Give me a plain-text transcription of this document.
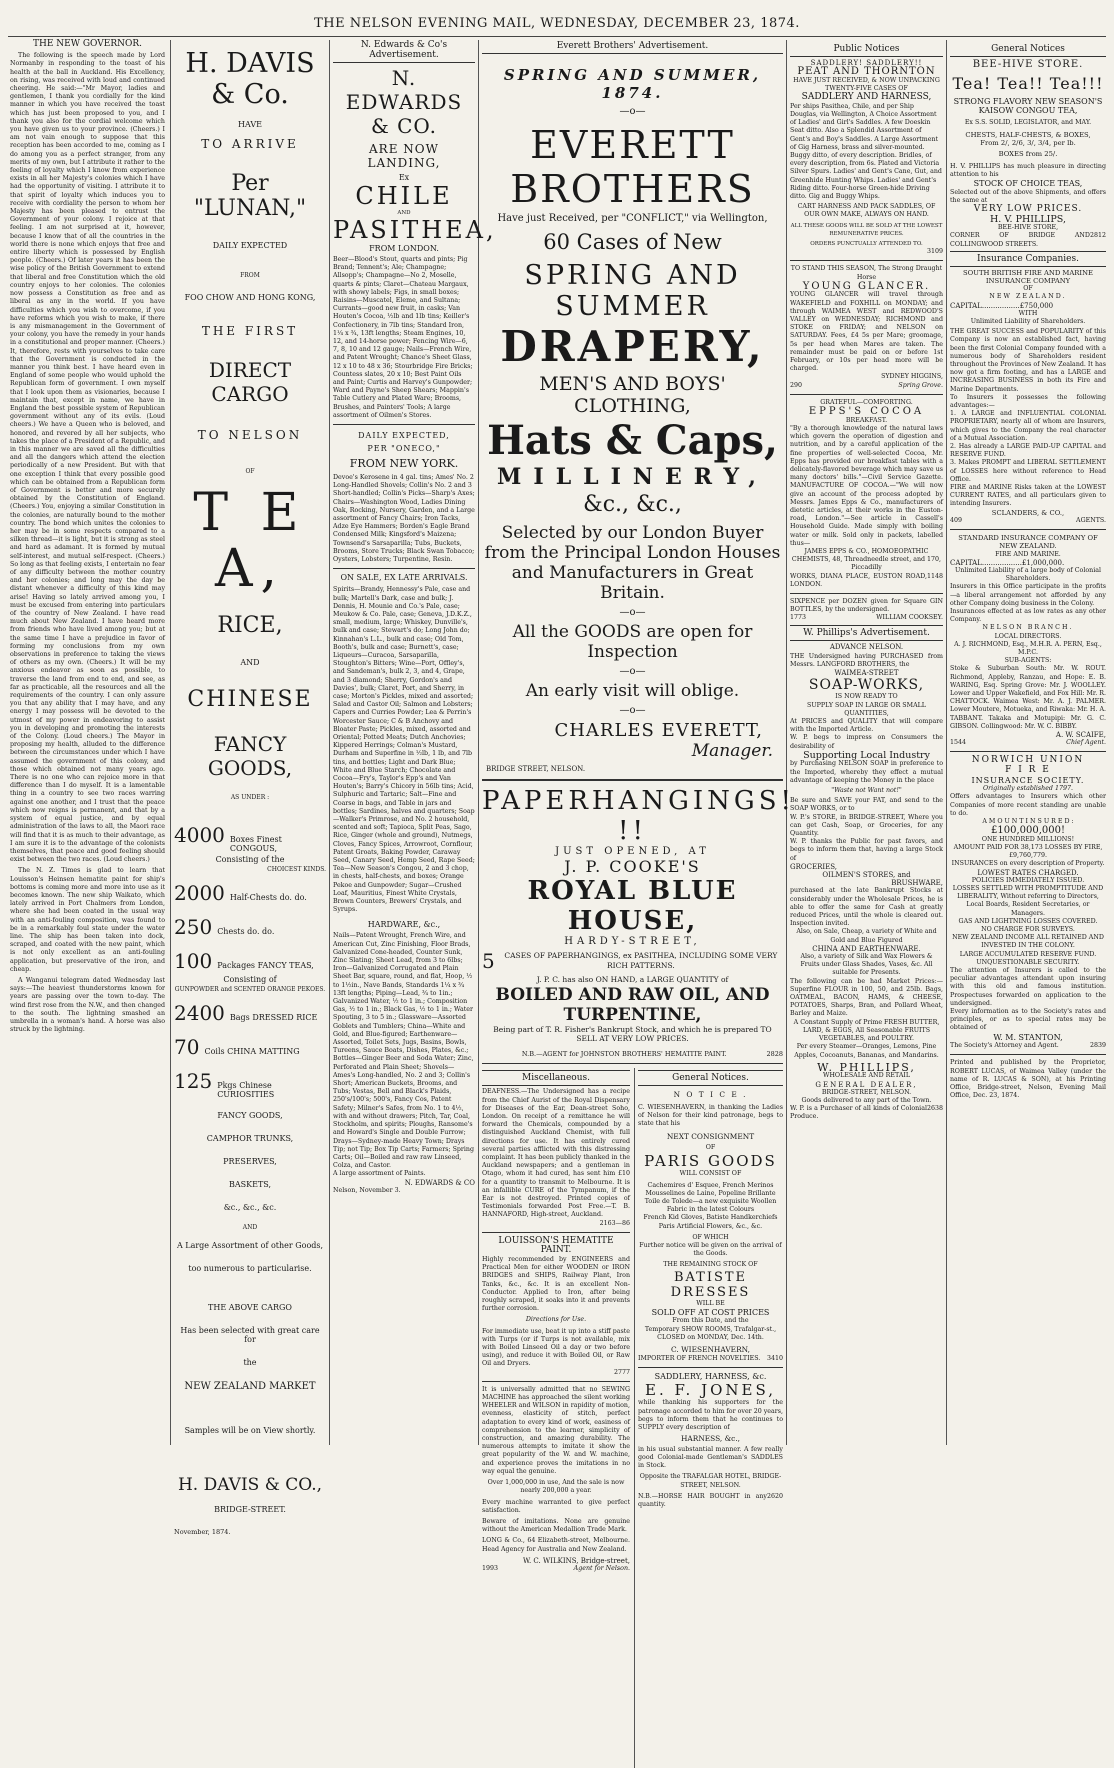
THE NELSON EVENING MAIL, WEDNESDAY, DECEMBER 23, 1874.
THE NEW GOVERNOR.

The following is the speech made by Lord Normanby in responding to the toast of his health at the ball in Auckland. His Excellency, on rising, was received with loud and continued cheering. He said:—"Mr Mayor, ladies and gentlemen, I thank you cordially for the kind manner in which you have received the toast which has just been proposed to you, and I thank you also for the cordial welcome which you have given us to your province. (Cheers.) I am not vain enough to suppose that this reception has been accorded to me, coming as I do among you as a perfect stranger, from any merits of my own, but I attribute it rather to the feeling of loyalty which I know from experience exists in all her Majesty's colonies which I have had the opportunity of visiting. I attribute it to that spirit of loyalty which induces you to receive with cordiality the person to whom her Majesty has been pleased to entrust the Government of your colony. I rejoice at that feeling. I am not surprised at it, however, because I know that of all the countries in the world there is none which enjoys that free and entire liberty which is possessed by English people. (Cheers.) Of later years it has been the wise policy of the British Government to extend that liberal and free Constitution which the old country enjoys to her colonies. The colonies now possess a Constitution as free and as liberal as any in the world. If you have difficulties which you wish to overcome, if you have reforms which you wish to make, if there is any mismanagement in the Government of your colony, you have the remedy in your hands in a constitutional and proper manner. (Cheers.) It, therefore, rests with yourselves to take care that the Government is conducted in the manner you think best. I have heard even in England of some people who would uphold the Republican form of government. I own myself that I look upon them as visionaries, because I maintain that, except in name, we have in England the best possible system of Republican government without any of its evils. (Loud cheers.) We have a Queen who is beloved, and honored, and revered by all her subjects, who takes the place of a President of a Republic, and in this manner we are saved all the difficulties and all the dangers which attend the election periodically of a new President. But with that one exception I think that every possible good which can be obtained from a Republican form of Government is better and more securely obtained by the Constitution of England. (Cheers.) You, enjoying a similar Constitution in the colonies, are naturally bound to the mother country. The bond which unites the colonies to her may be in some respects compared to a silken thread—it is light, but it is strong as steel and hard as adamant. It is formed by mutual self-interest, and mutual self-respect. (Cheers.) So long as that feeling exists, I entertain no fear of any difficulty between the mother country and her colonies; and long may the day be distant whenever a difficulty of this kind may arise! Having so lately arrived among you, I must be excused from entering into particulars of the country of New Zealand. I have read much about New Zealand. I have heard more from friends who have lived among you; but at the same time I have a prejudice in favor of forming my conclusions from my own observations in preference to taking the views of others as my own. (Cheers.) It will be my anxious endeavor as soon as possible, to traverse the land from end to end, and see, as far as practicable, all the resources and all the requirements of the country. I can only assure you that any ability that I may have, and any energy I may possess will be devoted to the utmost of my power in endeavoring to assist you in developing and promoting the interests of the Colony. (Loud cheers.) The Mayor in proposing my health, alluded to the difference between the circumstances under which I have assumed the government of this colony, and those which obtained not many years ago. There is no one who can rejoice more in that difference than I do myself. It is a lamentable thing in a country to see two races warring against one another, and I trust that the peace which now reigns is permanent, and that by a system of equal justice, and by equal administration of the laws to all, the Maori race will find that it is as much to their advantage, as I am sure it is to the advantage of the colonists themselves, that peace and good feeling should exist between the two races. (Loud cheers.)

The N. Z. Times is glad to learn that Louisson's Heinsen hematite paint for ship's bottoms is coming more and more into use as it becomes known. The new ship Waikato, which lately arrived in Port Chalmers from London, where she had been coated in the usual way with an anti-fouling composition, was found to be in a remarkably foul state under the water line. The ship has been taken into dock, scraped, and coated with the new paint, which is not only excellent as an anti-fouling application, but preservative of the iron, and cheap.

A Wanganui telegram dated Wednesday last says:—The heaviest thunderstorms known for years are passing over the town to-day. The wind first rose from the N.W., and then changed to the south. The lightning smashed an umbrella in a woman's hand. A horse was also struck by the lightning.

H. DAVIS & Co.
HAVE
TO ARRIVE
Per "LUNAN,"
DAILY EXPECTED
FROM
FOO CHOW AND HONG KONG,
THE FIRST
DIRECT CARGO
TO NELSON
OF
T E A,
RICE,
AND
CHINESE
FANCY GOODS,
AS UNDER :
4000 Boxes Finest CONGOUS,
Consisting of the
CHOICEST KINDS.
2000 Half-Chests do. do.
250 Chests do. do.
100 Packages FANCY TEAS,
Consisting of
GUNPOWDER and SCENTED ORANGE PEKOES.
2400 Bags DRESSED RICE
70 Coils CHINA MATTING
125 Pkgs Chinese CURIOSITIES
FANCY GOODS,
CAMPHOR TRUNKS,
PRESERVES,
BASKETS,
&c., &c., &c.
AND
A Large Assortment of other Goods,
too numerous to particularise.
THE ABOVE CARGO
Has been selected with great care for
the
NEW ZEALAND MARKET
Samples will be on View shortly.
H. DAVIS & CO.,
BRIDGE-STREET.
November, 1874.
N. Edwards & Co's Advertisement.
N. EDWARDS & CO.
ARE NOW LANDING,
Ex
CHILE
AND
PASITHEA,
FROM LONDON.
Beer—Blood's Stout, quarts and pints; Pig Brand; Tennent's; Ale; Champagne; Allsopp's; Champagne—No 2, Moselle, quarts & pints; Claret—Chateau Margaux, with showy labels; Figs, in small boxes; Raisins—Muscatel, Eleme, and Sultana; Currants—good new fruit, in casks; Van Houten's Cocoa, ½lb and 1lb tins; Keiller's Confectionery, in 7lb tins; Standard Iron, 1¼ x ¾, 13ft lengths; Steam Engines, 10, 12, and 14-horse power; Fencing Wire—6, 7, 8, 10 and 12 gauge; Nails—French Wire, and Patent Wrought; Chance's Sheet Glass, 12 x 10 to 48 x 36; Stourbridge Fire Bricks; Countess slates, 20 x 10; Best Paint Oils and Paint; Curtis and Harvey's Gunpowder; Ward and Payne's Sheep Shears; Mappin's Table Cutlery and Plated Ware; Brooms, Brushes, and Painters' Tools; A large assortment of Oilmen's Stores.
DAILY EXPECTED,
PER "ONECO,"
FROM NEW YORK.
Devoe's Kerosene in 4 gal. tins; Ames' No. 2 Long-Handled Shovels; Collin's No. 2 and 3 Short-handled; Collin's Picks—Sharp's Axes; Chairs—Washington Wood, Ladies Dining Oak, Rocking, Nursery, Garden, and a Large assortment of Fancy Chairs; Iron Tacks, Adze Eye Hammers; Borden's Eagle Brand Condensed Milk; Kingsford's Maizena; Townsend's Sarsaparilla; Tubs, Buckets, Brooms, Store Trucks; Black Swan Tobacco; Oysters, Lobsters; Turpentine, Resin.
ON SALE, EX LATE ARRIVALS.
Spirits—Brandy, Hennessy's Pale, case and bulk; Martell's Dark, case and bulk; J. Dennis, H. Mounie and Co.'s Pale, case; Meukow & Co. Pale, case; Geneva, J.D.K.Z., small, medium, large; Whiskey, Dunville's, bulk and case; Stewart's do; Long John do; Kinnahan's L.L., bulk and case; Old Tom, Booth's, bulk and case; Burnett's, case; Liqueurs—Curacoa, Sarsaparilla, Stoughton's Bitters; Wine—Port, Offley's, and Sandeman's, bulk 2, 3, and 4, Grape, and 3 diamond; Sherry, Gordon's and Davies', bulk; Claret, Port, and Sherry, in case; Morton's Pickles, mixed and assorted; Salad and Castor Oil; Salmon and Lobsters; Capers and Curries Powder; Lea & Perrin's Worcester Sauce; C & B Anchovy and Bloater Paste; Pickles, mixed, assorted and Oriental; Potted Meats; Dutch Anchovies; Kippered Herrings; Colman's Mustard, Durham and Superfine in ½lb, 1 lb, and 7lb tins, and bottles; Light and Dark Blue; White and Blue Starch; Chocolate and Cocoa—Fry's, Taylor's Epp's and Van Houten's; Barry's Chicory in 56lb tins; Acid, Sulphuric and Tartaric; Salt—Fine and Coarse in bags, and Table in jars and bottles; Sardines, halves and quarters; Soap—Walker's Primrose, and No. 2 household, scented and soft; Tapioca, Split Peas, Sago, Rice, Ginger (whole and ground), Nutmegs, Cloves, Fancy Spices, Arrowroot, Cornflour, Patent Groats, Baking Powder, Caraway Seed, Canary Seed, Hemp Seed, Rape Seed; Tea—New Season's Congou, 2 and 3 chop, in chests, half-chests, and boxes; Orange Pekoe and Gunpowder; Sugar—Crushed Loaf, Mauritius, Finest White Crystals, Brown Counters, Brewers' Crystals, and Syrups.
HARDWARE, &c.,
Nails—Patent Wrought, French Wire, and American Cut, Zinc Finishing, Floor Brads, Galvanized Cone-headed, Counter Sunk, Zinc Slating; Sheet Lead, from 3 to 6lbs; Iron—Galvanized Corrugated and Plain Sheet Bar, square, round, and flat, Hoop, ½ to 1½in., Nave Bands, Standards 1¼ x ¾ 13ft lengths; Piping—Lead, ¾ to 1in.; Galvanized Water, ½ to 1 in.; Composition Gas, ½ to 1 in.; Black Gas, ½ to 1 in.; Water Spouting, 3 to 5 in.; Glassware—Assorted Goblets and Tumblers; China—White and Gold, and Blue-figured; Earthenware—Assorted, Toilet Sets, Jugs, Basins, Bowls, Tureens, Sauce Boats, Dishes, Plates, &c.; Bottles—Ginger Beer and Soda Water; Zinc, Perforated and Plain Sheet; Shovels—Ames's Long-handled, No. 2 and 3; Collin's Short; American Buckets, Brooms, and Tubs; Vestas, Bell and Black's Plaids, 250's/100's; 500's, Fancy Cos, Patent Safety; Milner's Safes, from No. 1 to 4½, with and without drawers; Pitch, Tar, Coal, Stockholm, and spirits; Ploughs, Ransome's and Howard's Single and Double Furrow; Drays—Sydney-made Heavy Town; Drays Tip; not Tip; Box Tip Carts; Farmers; Spring Carts; Oil—Boiled and raw raw Linseed, Colza, and Castor.
A large assortment of Paints.
N. EDWARDS & CO
Nelson, November 3.
Everett Brothers' Advertisement.
SPRING AND SUMMER, 1874.
—o—
EVERETT BROTHERS
Have just Received, per "CONFLICT," via Wellington,
60 Cases of New
SPRING AND SUMMER
DRAPERY,
MEN'S AND BOYS' CLOTHING,
Hats & Caps,
MILLINERY,
&c., &c.,
Selected by our London Buyer from the Principal London Houses and Manufacturers in Great Britain.
—o—
All the GOODS are open for Inspection
—o—
An early visit will oblige.
—o—
CHARLES EVERETT,
Manager.
BRIDGE STREET, NELSON.
PAPERHANGINGS! !!
JUST OPENED, AT
J. P. COOKE'S
ROYAL BLUE HOUSE,
HARDY-STREET,
5	CASES OF PAPERHANGINGS, ex PASITHEA, INCLUDING SOME VERY RICH PATTERNS.
J. P. C. has also ON HAND, a LARGE QUANTITY of
BOILED AND RAW OIL, AND TURPENTINE,
Being part of T. R. Fisher's Bankrupt Stock, and which he is prepared TO SELL AT VERY LOW PRICES.
N.B.—AGENT for JOHNSTON BROTHERS' HEMATITE PAINT.	2828
Miscellaneous.
DEAFNESS.—The Undersigned has a recipe from the Chief Aurist of the Royal Dispensary for Diseases of the Ear, Dean-street Soho, London. On receipt of a remittance he will forward the Chemicals, compounded by a distinguished Auckland Chemist, with full directions for use. It has entirely cured several parties afflicted with this distressing complaint. It has been publicly thanked in the Auckland newspapers; and a gentleman in Otago, whom it had cured, has sent him £10 for a quantity to transmit to Melbourne. It is an infallible CURE of the Tympanum, if the Ear is not destroyed. Printed copies of Testimonials forwarded Post Free.—T. B. HANNAFORD, High-street, Auckland.
2163—86
LOUISSON'S HEMATITE PAINT.
Highly recommended by ENGINEERS and Practical Men for either WOODEN or IRON BRIDGES and SHIPS, Railway Plant, Iron Tanks, &c., &c. It is an excellent Non-Conductor. Applied to Iron, after being roughly scraped, it soaks into it and prevents further corrosion.
Directions for Use.
For immediate use, beat it up into a stiff paste with Turps (or if Turps is not available, mix with Boiled Linseed Oil a day or two before using), and reduce it with Boiled Oil, or Raw Oil and Dryers.
2777
It is universally admitted that no SEWING MACHINE has approached the silent working WHEELER and WILSON in rapidity of motion, evenness, elasticity of stitch, perfect adaptation to every kind of work, easiness of comprehension to the learner, simplicity of construction, and amazing durability. The numerous attempts to imitate it show the great popularity of the W. and W. machine, and experience proves the imitations in no way equal the genuine.
Over 1,000,000 in use, And the sale is now nearly 200,000 a year.
Every machine warranted to give perfect satisfaction.
Beware of imitations. None are genuine without the American Medallion Trade Mark.
LONG & Co., 64 Elizabeth-street, Melbourne. Head Agency for Australia and New Zealand.
W. C. WILKINS, Bridge-street,
1993	Agent for Nelson.
General Notices.
N O T I C E .
C. WIESENHAVERN, in thanking the Ladies of Nelson for their kind patronage, begs to state that his
NEXT CONSIGNMENT
OF
PARIS GOODS
WILL CONSIST OF
Cachemires d' Esquee, French Merinos
Mousselines de Laine, Popeline Brillante
Toile de Tolede—a new exquisite Woollen
Fabric in the latest Colours
French Kid Gloves, Batiste Handkerchiefs
Paris Artificial Flowers, &c., &c.
OF WHICH
Further notice will be given on the arrival of the Goods.
THE REMAINING STOCK OF
BATISTE DRESSES
WILL BE
SOLD OFF AT COST PRICES
From this Date, and the
Temporary SHOW ROOMS, Trafalgar-st., CLOSED on MONDAY, Dec. 14th.
C. WIESENHAVERN,
IMPORTER OF FRENCH NOVELTIES. 3410
SADDLERY, HARNESS, &c.
E. F. JONES,
while thanking his supporters for the patronage accorded to him for over 20 years, begs to inform them that he continues to SUPPLY every description of
HARNESS, &c.,
in his usual substantial manner. A few really good Colonial-made Gentleman's SADDLES in Stock.
Opposite the TRAFALGAR HOTEL, BRIDGE-STREET, NELSON.
N.B.—HORSE HAIR BOUGHT in any quantity.
2620
Public Notices
SADDLERY! SADDLERY!!
PEAT AND THORNTON
HAVE JUST RECEIVED, & NOW UNPACKING TWENTY-FIVE CASES OF
SADDLERY AND HARNESS,
Per ships Pasithea, Chile, and per Ship Douglas, via Wellington, A Choice Assortment of Ladies' and Girl's Saddles. A few Doeskin Seat ditto. Also a Splendid Assortment of Gent's and Boy's Saddles. A Large Assortment of Gig Harness, brass and silver-mounted. Buggy ditto, of every description. Bridles, of every description, from 6s. Plated and Victoria Silver Spurs. Ladies' and Gent's Cane, Gut, and Greenhide Hunting Whips. Ladies' and Gent's Riding ditto. Four-horse Green-hide Driving ditto. Gig and Buggy Whips.
CART HARNESS AND PACK SADDLES, OF OUR OWN MAKE, ALWAYS ON HAND.
ALL THESE GOODS WILL BE SOLD AT THE LOWEST REMUNERATIVE PRICES.
ORDERS PUNCTUALLY ATTENDED TO.
3109
TO STAND THIS SEASON, The Strong Draught Horse
YOUNG GLANCER.
YOUNG GLANCER will travel through WAKEFIELD and FOXHILL on MONDAY; and through WAIMEA WEST and REDWOOD'S VALLEY on WEDNESDAY; RICHMOND and STOKE on FRIDAY; and NELSON on SATURDAY. Fees, £4 5s per Mare; groomage, 5s per head when Mares are taken. The remainder must be paid on or before 1st February, or 10s per head more will be charged.
SYDNEY HIGGINS,
290	Spring Grove.
GRATEFUL—COMFORTING.
EPPS'S COCOA
BREAKFAST.
"By a thorough knowledge of the natural laws which govern the operation of digestion and nutrition, and by a careful application of the fine properties of well-selected Cocoa, Mr. Epps has provided our breakfast tables with a delicately-flavored beverage which may save us many doctors' bills."—Civil Service Gazette. MANUFACTURE OF COCOA.—"We will now give an account of the process adopted by Messrs. James Epps & Co., manufacturers of dietetic articles, at their works in the Euston-road, London."—See article in Cassell's Household Guide. Made simply with boiling water or milk. Sold only in packets, labelled thus—
JAMES EPPS & CO., HOMOEOPATHIC CHEMISTS, 48, Threadneedle street, and 170, Piccadilly
WORKS, DIANA PLACE, EUSTON ROAD, LONDON.
1148
SIXPENCE per DOZEN given for Square GIN BOTTLES, by the undersigned.
1773	WILLIAM COOKSEY.
W. Phillips's Advertisement.
ADVANCE NELSON.
THE Undersigned having PURCHASED from Messrs. LANGFORD BROTHERS, the
WAIMEA-STREET
SOAP-WORKS,
IS NOW READY TO
SUPPLY SOAP IN LARGE OR SMALL QUANTITIES,
At PRICES and QUALITY that will compare with the Imported Article.
W. P. begs to impress on Consumers the desirability of
Supporting Local Industry
by Purchasing NELSON SOAP in preference to the Imported, whereby they effect a mutual advantage of keeping the Money in the place
"Waste not Want not!"
Be sure and SAVE your FAT, and send to the SOAP WORKS, or to
W. P.'s STORE, in BRIDGE-STREET, Where you can get Cash, Soap, or Groceries, for any Quantity.
W. P. thanks the Public for past favors, and begs to inform them that, having a large Stock of
GROCERIES,
OILMEN'S STORES, and
BRUSHWARE,
purchased at the late Bankrupt Stocks at considerably under the Wholesale Prices, he is able to offer the same for Cash at greatly reduced Prices, until the whole is cleared out. Inspection invited.
Also, on Sale, Cheap, a variety of White and Gold and Blue Figured
CHINA AND EARTHENWARE.
Also, a variety of Silk and Wax Flowers & Fruits under Glass Shades, Vases, &c. All suitable for Presents.
The following can be had Market Prices:—Superfine FLOUR in 100, 50, and 25lb. Bags, OATMEAL, BACON, HAMS, & CHEESE, POTATOES, Sharps, Bran, and Pollard Wheat, Barley and Maize.
A Constant Supply of Prime FRESH BUTTER, LARD, & EGGS, All Seasonable FRUITS VEGETABLES, and POULTRY.
Per every Steamer—Oranges, Lemons, Pine Apples, Cocoanuts, Bananas, and Mandarins.
W. PHILLIPS,
WHOLESALE AND RETAIL
GENERAL DEALER,
BRIDGE-STREET, NELSON.
Goods delivered to any part of the Town.
W. P. is a Purchaser of all kinds of Colonial Produce.
2638
General Notices
BEE-HIVE STORE.
Tea! Tea!! Tea!!!
STRONG FLAVORY NEW SEASON'S
KAISOW CONGOU TEA,
Ex S.S. SOLID, LEGISLATOR, and MAY.
CHESTS, HALF-CHESTS, & BOXES,
From 2/, 2/6, 3/, 3/4, per lb.
BOXES from 25/.
H. V. PHILLIPS has much pleasure in directing attention to his
STOCK OF CHOICE TEAS,
Selected out of the above Shipments, and offers the same at
VERY LOW PRICES.
H. V. PHILLIPS,
BEE-HIVE STORE,
CORNER OF BRIDGE AND COLLINGWOOD STREETS.
2812
Insurance Companies.
SOUTH BRITISH FIRE AND MARINE INSURANCE COMPANY
OF
NEW ZEALAND.
CAPITAL.................£750,000
WITH
Unlimited Liability of Shareholders.
THE GREAT SUCCESS and POPULARITY of this Company is now an established fact, having been the first Colonial Company founded with a numerous body of Shareholders resident throughout the Provinces of New Zealand. It has now got a firm footing, and has a LARGE and INCREASING BUSINESS in both its Fire and Marine Departments.
To Insurers it possesses the following advantages:—
1. A LARGE and INFLUENTIAL COLONIAL PROPRIETARY, nearly all of whom are Insurers, which gives to the Company the real character of a Mutual Association.
2. Has already a LARGE PAID-UP CAPITAL and RESERVE FUND.
3. Makes PROMPT and LIBERAL SETTLEMENT of LOSSES here without reference to Head Office.
FIRE and MARINE Risks taken at the LOWEST CURRENT RATES, and all particulars given to intending Insurers.
SCLANDERS, & CO.,
409	AGENTS.
STANDARD INSURANCE COMPANY OF NEW ZEALAND.
FIRE AND MARINE.
CAPITAL..................£1,000,000.
Unlimited Liability of a large body of Colonial Shareholders.
Insurers in this Office participate in the profits—a liberal arrangement not afforded by any other Company doing business in the Colony.
Insurances effected at as low rates as any other Company.
NELSON BRANCH.
LOCAL DIRECTORS.
A. J. RICHMOND, Esq., M.H.R. A. PERN, Esq., M.P.C.
SUB-AGENTS:
Stoke & Suburban South: Mr. W. ROUT. Richmond, Appleby, Ranzau, and Hope: E. B. WARING, Esq. Spring Grove: Mr. J. WOOLLEY. Lower and Upper Wakefield, and Fox Hill: Mr. R. CHATTOCK. Waimea West: Mr. A. J. PALMER. Lower Moutere, Motueka, and Riwaka: Mr. H. A. TABBANT. Takaka and Motupipi: Mr. G. C. GIBSON. Collingwood: Mr. W. C. BIBBY.
A. W. SCAIFE,
1544	Chief Agent.
NORWICH UNION
F I R E
INSURANCE SOCIETY.
Originally established 1797.
Offers advantages to Insurers which other Companies of more recent standing are unable to do.
A M O U N T I N S U R E D :
£100,000,000!
ONE HUNDRED MILLIONS!
AMOUNT PAID FOR 38,173 LOSSES BY FIRE, £9,760,779.
INSURANCES on every description of Property.
LOWEST RATES CHARGED.
POLICIES IMMEDIATELY ISSUED.
LOSSES SETTLED WITH PROMPTITUDE AND LIBERALITY, Without referring to Directors, Local Boards, Resident Secretaries, or Managers.
GAS AND LIGHTNING LOSSES COVERED.
NO CHARGE FOR SURVEYS.
NEW ZEALAND INCOME ALL RETAINED AND INVESTED IN THE COLONY.
LARGE ACCUMULATED RESERVE FUND.
UNQUESTIONABLE SECURITY.
The attention of Insurers is called to the peculiar advantages attendant upon insuring with this old and famous institution. Prospectuses forwarded on application to the undersigned.
Every information as to the Society's rates and principles, or as to special rates may be obtained of
W. M. STANTON,
The Society's Attorney and Agent.	2839
Printed and published by the Proprietor, ROBERT LUCAS, of Waimea Valley (under the name of R. LUCAS & SON), at his Printing Office, Bridge-street, Nelson, Evening Mail Office, Dec. 23, 1874.
